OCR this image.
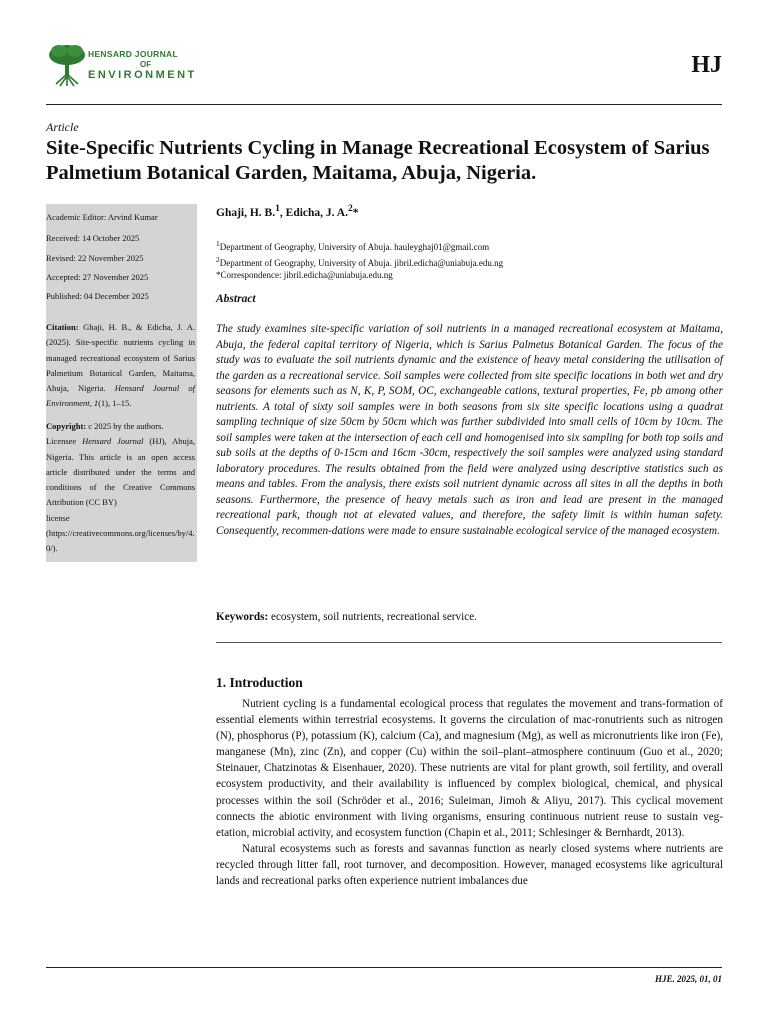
HENSARD JOURNAL
OF
ENVIRONMENT	HJ
Article
Site-Specific Nutrients Cycling in Manage Recreational Ecosystem of Sarius Palmetium Botanical Garden, Maitama, Abuja, Nigeria.
Academic Editor: Arvind Kumar
Received: 14 October 2025
Revised: 22 November 2025
Accepted: 27 November 2025
Published: 04 December 2025
Citation: Ghaji, H. B., & Edicha, J. A. (2025). Site-specific nutrients cycling in managed recreational ecosystem of Sarius Palmetium Botanical Garden, Maitama, Abuja, Nigeria. Hensard Journal of Environment, 1(1), 1–15.
Copyright: c 2025 by the authors.
Licensee Hensard Journal (HJ), Abuja, Nigeria. This article is an open access article distributed under the terms and conditions of the Creative Commons Attribution (CC BY)
license
(https://creativecommons.org/licenses/by/4.0/).
Ghaji, H. B.$^1$, Edicha, J. A.$^2$*
$^1$Department of Geography, University of Abuja. hauleyghaj01@gmail.com
$^2$Department of Geography, University of Abuja. jibril.edicha@uniabuja.edu.ng
*Correspondence: jibril.edicha@uniabuja.edu.ng
Abstract
The study examines site-specific variation of soil nutrients in a managed recreational ecosystem at Maitama, Abuja, the federal capital territory of Nigeria, which is Sarius Palmetus Botanical Garden. The focus of the study was to evaluate the soil nutrients dynamic and the existence of heavy metal considering the utilisation of the garden as a recreational service. Soil samples were collected from site specific locations in both wet and dry seasons for elements such as N, K, P, SOM, OC, exchangeable cations, textural properties, Fe, pb among other nutrients. A total of sixty soil samples were in both seasons from six site specific locations using a quadrat sampling technique of size 50cm by 50cm which was further subdivided into small cells of 10cm by 10cm. The soil samples were taken at the intersection of each cell and homogenised into six sampling for both top soils and sub soils at the depths of 0-15cm and 16cm -30cm, respectively the soil samples were analyzed using standard laboratory procedures. The results obtained from the field were analyzed using descriptive statistics such as means and tables. From the analysis, there exists soil nutrient dynamic across all sites in all the depths in both seasons. Furthermore, the presence of heavy metals such as iron and lead are present in the managed recreational park, though not at elevated values, and therefore, the safety limit is within human safety. Consequently, recommen-dations were made to ensure sustainable ecological service of the managed ecosystem.
Keywords: ecosystem, soil nutrients, recreational service.
1. Introduction

Nutrient cycling is a fundamental ecological process that regulates the movement and trans-formation of essential elements within terrestrial ecosystems. It governs the circulation of mac-ronutrients such as nitrogen (N), phosphorus (P), potassium (K), calcium (Ca), and magnesium (Mg), as well as micronutrients like iron (Fe), manganese (Mn), zinc (Zn), and copper (Cu) within the soil–plant–atmosphere continuum (Guo et al., 2020; Steinauer, Chatzinotas & Eisenhauer, 2020). These nutrients are vital for plant growth, soil fertility, and overall ecosystem productivity, and their availability is influenced by complex biological, chemical, and physical processes within the soil (Schröder et al., 2016; Suleiman, Jimoh & Aliyu, 2017). This cyclical movement connects the abiotic environment with living organisms, ensuring continuous nutrient reuse to sustain veg-etation, microbial activity, and ecosystem function (Chapin et al., 2011; Schlesinger & Bernhardt, 2013).

Natural ecosystems such as forests and savannas function as nearly closed systems where nutrients are recycled through litter fall, root turnover, and decomposition. However, managed ecosystems like agricultural lands and recreational parks often experience nutrient imbalances due

HJE. 2025, 01, 01
